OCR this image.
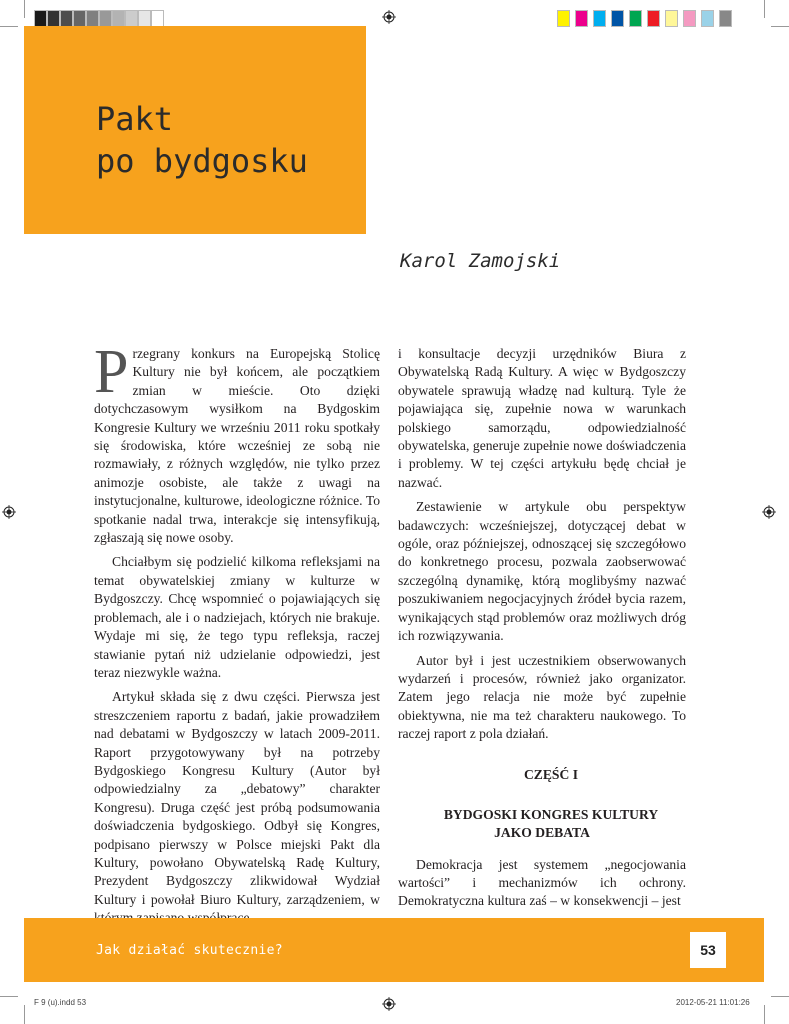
Pakt
po bydgosku
Karol Zamojski

Przegrany konkurs na Europejską Stolicę Kultury nie był końcem, ale początkiem zmian w mieście. Oto dzięki dotychczasowym wysiłkom na Bydgoskim Kongresie Kultury we wrześniu 2011 roku spotkały się środowiska, które wcześniej ze sobą nie rozmawiały, z różnych względów, nie tylko przez animozje osobiste, ale także z uwagi na instytucjonalne, kulturowe, ideologiczne różnice. To spotkanie nadal trwa, interakcje się intensyfikują, zgłaszają się nowe osoby.

Chciałbym się podzielić kilkoma refleksjami na temat obywatelskiej zmiany w kulturze w Bydgoszczy. Chcę wspomnieć o pojawiających się problemach, ale i o nadziejach, których nie brakuje. Wydaje mi się, że tego typu refleksja, raczej stawianie pytań niż udzielanie odpowiedzi, jest teraz niezwykle ważna.

Artykuł składa się z dwu części. Pierwsza jest streszczeniem raportu z badań, jakie prowadziłem nad debatami w Bydgoszczy w latach 2009-2011. Raport przygotowywany był na potrzeby Bydgoskiego Kongresu Kultury (Autor był odpowiedzialny za „debatowy” charakter Kongresu). Druga część jest próbą podsumowania doświadczenia bydgoskiego. Odbył się Kongres, podpisano pierwszy w Polsce miejski Pakt dla Kultury, powołano Obywatelską Radę Kultury, Prezydent Bydgoszczy zlikwidował Wydział Kultury i powołał Biuro Kultury, zarządzeniem, w

i konsultacje decyzji urzędników Biura z Obywatelską Radą Kultury. A więc w Bydgoszczy obywatele sprawują władzę nad kulturą. Tyle że pojawiająca się, zupełnie nowa w warunkach polskiego samorządu, odpowiedzialność obywatelska, generuje zupełnie nowe doświadczenia i problemy. W tej części artykułu będę chciał je nazwać.

Zestawienie w artykule obu perspektyw badawczych: wcześniejszej, dotyczącej debat w ogóle, oraz późniejszej, odnoszącej się szczegółowo do konkretnego procesu, pozwala zaobserwować szczególną dynamikę, którą moglibyśmy nazwać poszukiwaniem negocjacyjnych źródeł bycia razem, wynikających stąd problemów oraz możliwych dróg ich rozwiązywania.

Autor był i jest uczestnikiem obserwowanych wydarzeń i procesów, również jako organizator. Zatem jego relacja nie może być zupełnie obiektywna, nie ma też charakteru naukowego. To raczej raport z pola działań.

CZĘŚĆ I

BYDGOSKI KONGRES KULTURY
JAKO DEBATA

Demokracja jest systemem „negocjowania wartości” i mechanizmów ich ochrony. Demokratyczna kultura zaś – w konsekwencji – jest

Jak działać skutecznie?	53
F 9 (u).indd 53	2012-05-21 11:01:26
